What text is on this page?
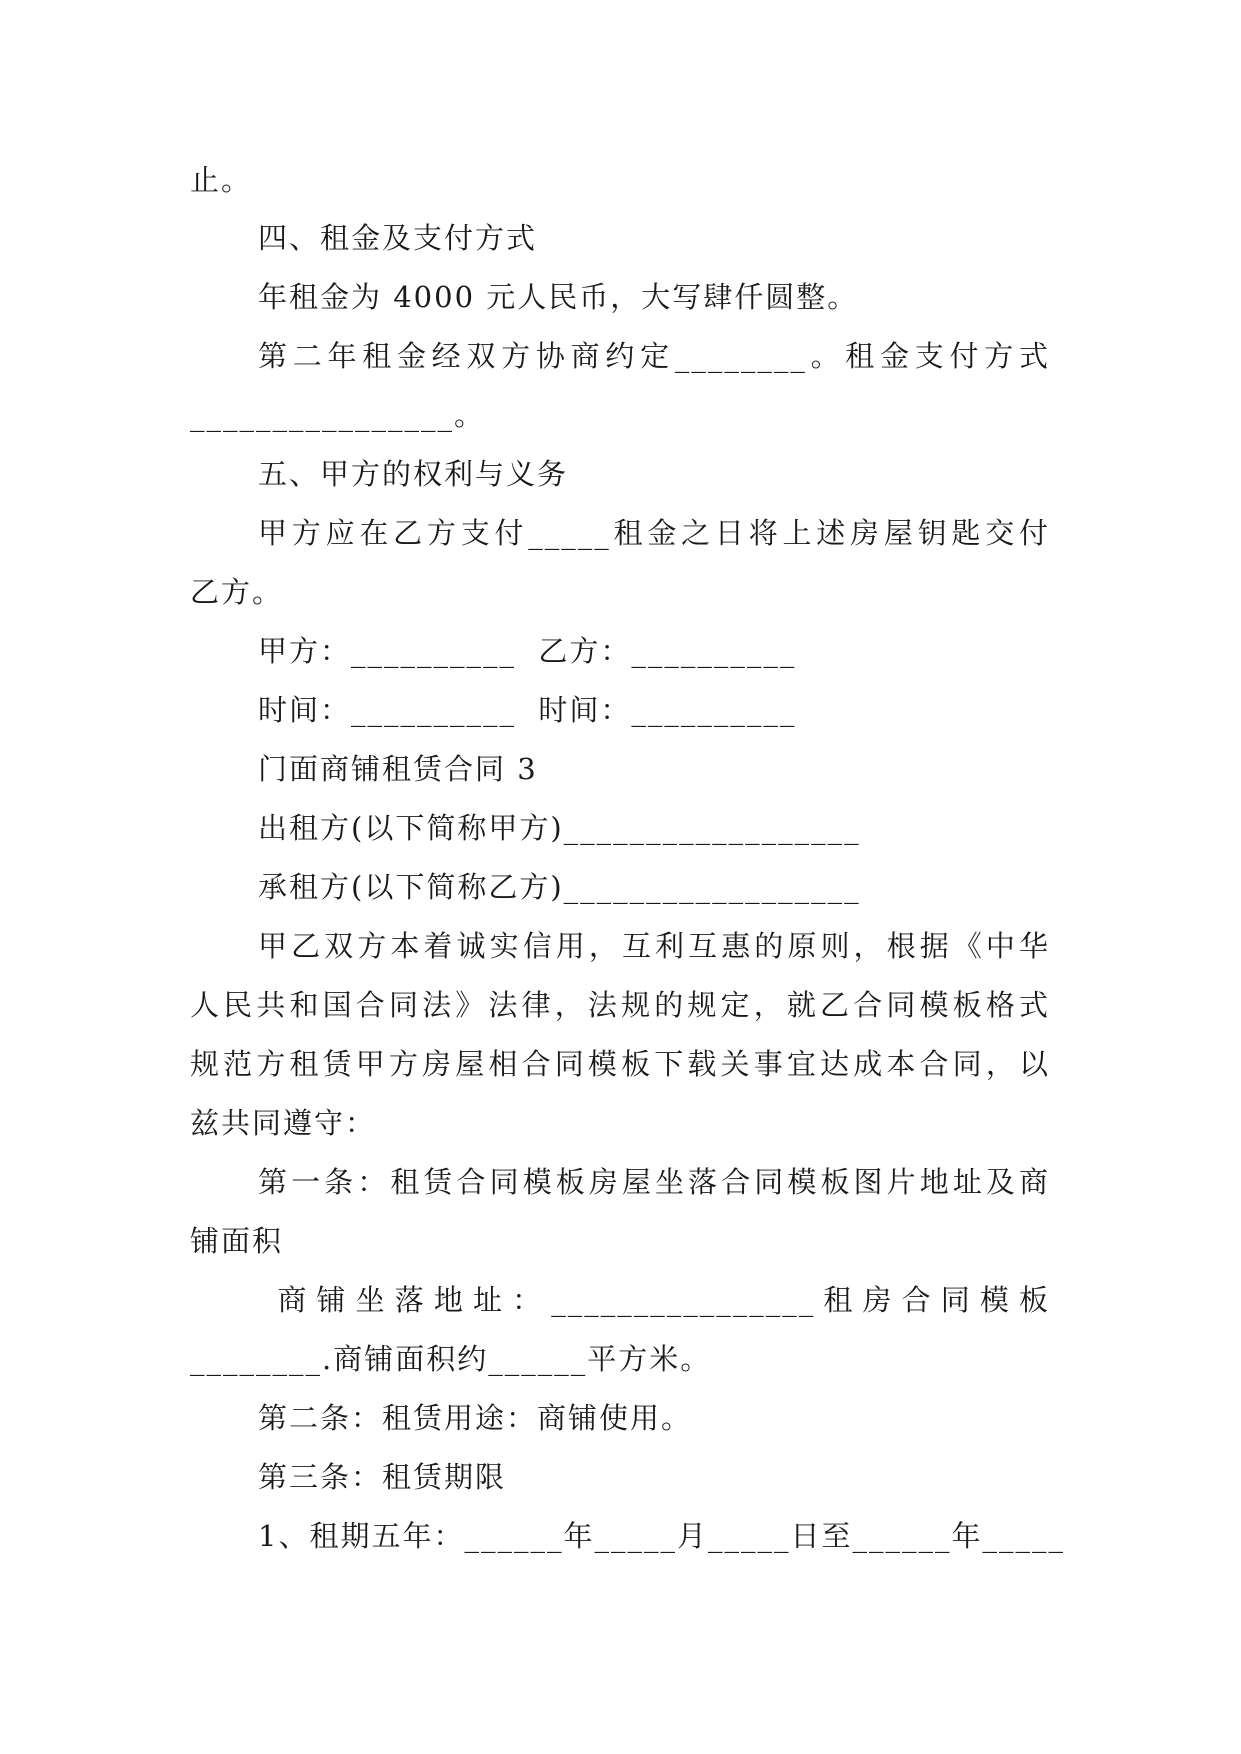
止。
四、租金及支付方式
年租金为 4000 元人民币，大写肆仟圆整。
第二年租金经双方协商约定________。租金支付方式
________________。
五、甲方的权利与义务
甲方应在乙方支付_____租金之日将上述房屋钥匙交付
乙方。
甲方：__________  乙方：__________
时间：__________  时间：__________
门面商铺租赁合同 3
出租方(以下简称甲方)__________________
承租方(以下简称乙方)__________________
甲乙双方本着诚实信用，互利互惠的原则，根据《中华
人民共和国合同法》法律，法规的规定，就乙合同模板格式
规范方租赁甲方房屋相合同模板下载关事宜达成本合同，以
兹共同遵守：
第一条：租赁合同模板房屋坐落合同模板图片地址及商
铺面积
商铺坐落地址：________________租房合同模板
________.商铺面积约______平方米。
第二条：租赁用途：商铺使用。
第三条：租赁期限
1、租期五年：______年_____月_____日至______年_____
